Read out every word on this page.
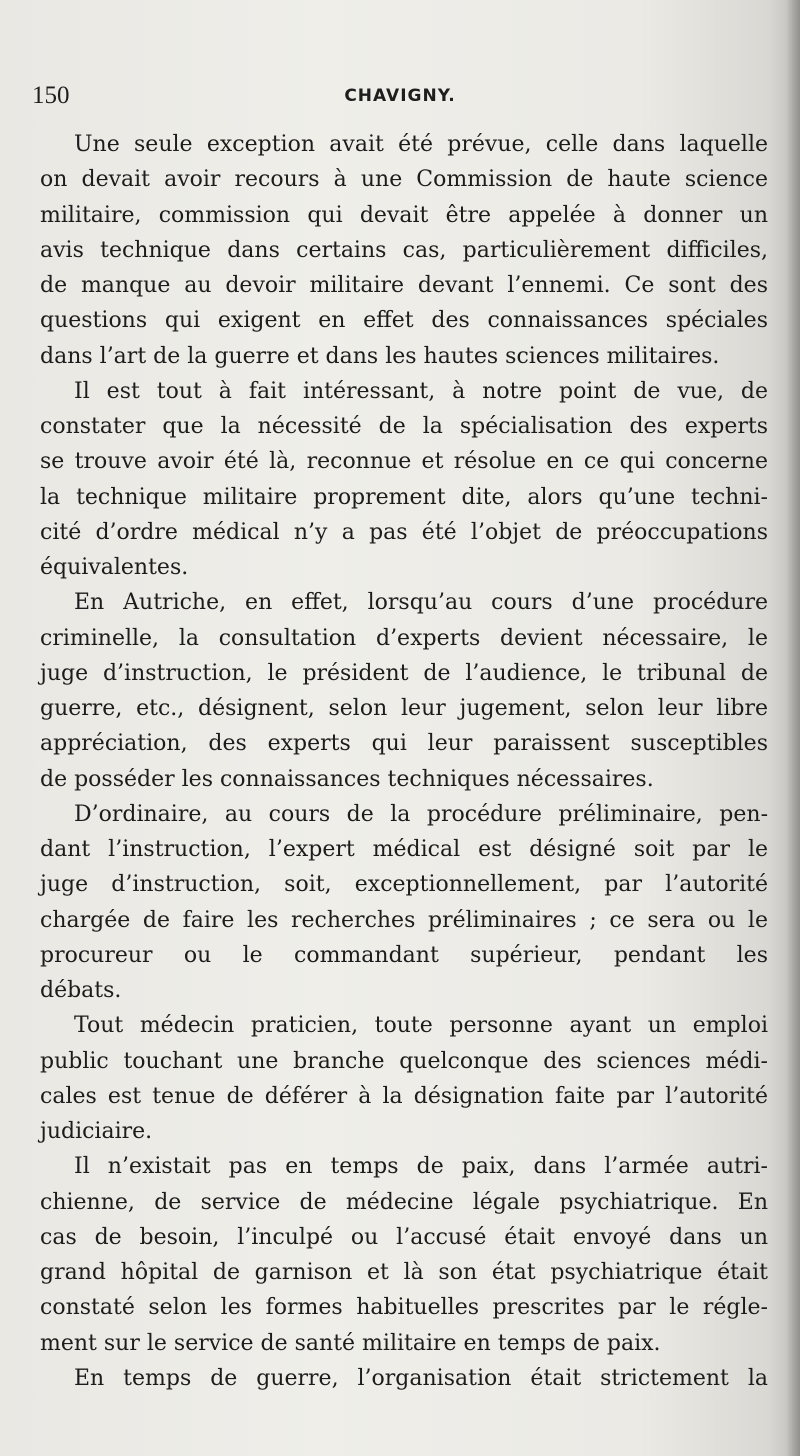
150	CHAVIGNY.
Une seule exception avait été prévue, celle dans laquelle
on devait avoir recours à une Commission de haute science
militaire, commission qui devait être appelée à donner un
avis technique dans certains cas, particulièrement difficiles,
de manque au devoir militaire devant l’ennemi. Ce sont des
questions qui exigent en effet des connaissances spéciales
dans l’art de la guerre et dans les hautes sciences militaires.
Il est tout à fait intéressant, à notre point de vue, de
constater que la nécessité de la spécialisation des experts
se trouve avoir été là, reconnue et résolue en ce qui concerne
la technique militaire proprement dite, alors qu’une techni-
cité d’ordre médical n’y a pas été l’objet de préoccupations
équivalentes.
En Autriche, en effet, lorsqu’au cours d’une procédure
criminelle, la consultation d’experts devient nécessaire, le
juge d’instruction, le président de l’audience, le tribunal de
guerre, etc., désignent, selon leur jugement, selon leur libre
appréciation, des experts qui leur paraissent susceptibles
de posséder les connaissances techniques nécessaires.
D’ordinaire, au cours de la procédure préliminaire, pen-
dant l’instruction, l’expert médical est désigné soit par le
juge d’instruction, soit, exceptionnellement, par l’autorité
chargée de faire les recherches préliminaires ; ce sera ou le
procureur ou le commandant supérieur, pendant les
débats.
Tout médecin praticien, toute personne ayant un emploi
public touchant une branche quelconque des sciences médi-
cales est tenue de déférer à la désignation faite par l’autorité
judiciaire.
Il n’existait pas en temps de paix, dans l’armée autri-
chienne, de service de médecine légale psychiatrique. En
cas de besoin, l’inculpé ou l’accusé était envoyé dans un
grand hôpital de garnison et là son état psychiatrique était
constaté selon les formes habituelles prescrites par le régle-
ment sur le service de santé militaire en temps de paix.
En temps de guerre, l’organisation était strictement la
